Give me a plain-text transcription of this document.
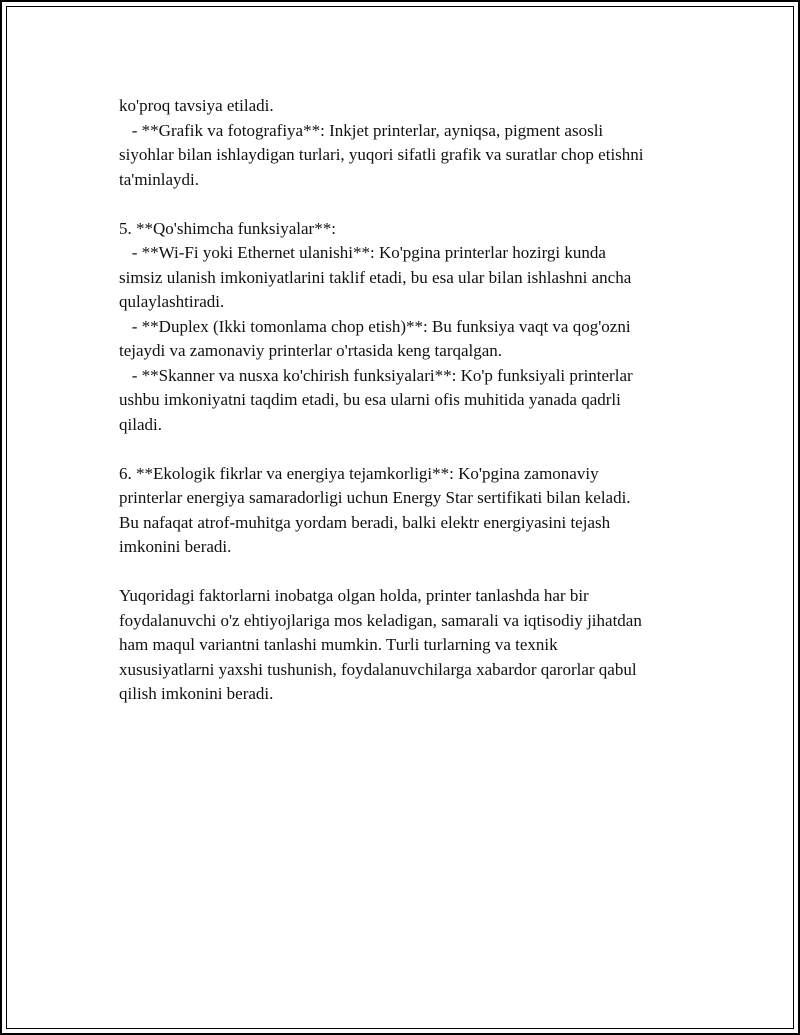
ko'proq tavsiya etiladi.
- **Grafik va fotografiya**: Inkjet printerlar, ayniqsa, pigment asosli
siyohlar bilan ishlaydigan turlari, yuqori sifatli grafik va suratlar chop etishni
ta'minlaydi.
5. **Qo'shimcha funksiyalar**:
- **Wi-Fi yoki Ethernet ulanishi**: Ko'pgina printerlar hozirgi kunda
simsiz ulanish imkoniyatlarini taklif etadi, bu esa ular bilan ishlashni ancha
qulaylashtiradi.
- **Duplex (Ikki tomonlama chop etish)**: Bu funksiya vaqt va qog'ozni
tejaydi va zamonaviy printerlar o'rtasida keng tarqalgan.
- **Skanner va nusxa ko'chirish funksiyalari**: Ko'p funksiyali printerlar
ushbu imkoniyatni taqdim etadi, bu esa ularni ofis muhitida yanada qadrli
qiladi.
6. **Ekologik fikrlar va energiya tejamkorligi**: Ko'pgina zamonaviy
printerlar energiya samaradorligi uchun Energy Star sertifikati bilan keladi.
Bu nafaqat atrof-muhitga yordam beradi, balki elektr energiyasini tejash
imkonini beradi.
Yuqoridagi faktorlarni inobatga olgan holda, printer tanlashda har bir
foydalanuvchi o'z ehtiyojlariga mos keladigan, samarali va iqtisodiy jihatdan
ham maqul variantni tanlashi mumkin. Turli turlarning va texnik
xususiyatlarni yaxshi tushunish, foydalanuvchilarga xabardor qarorlar qabul
qilish imkonini beradi.
